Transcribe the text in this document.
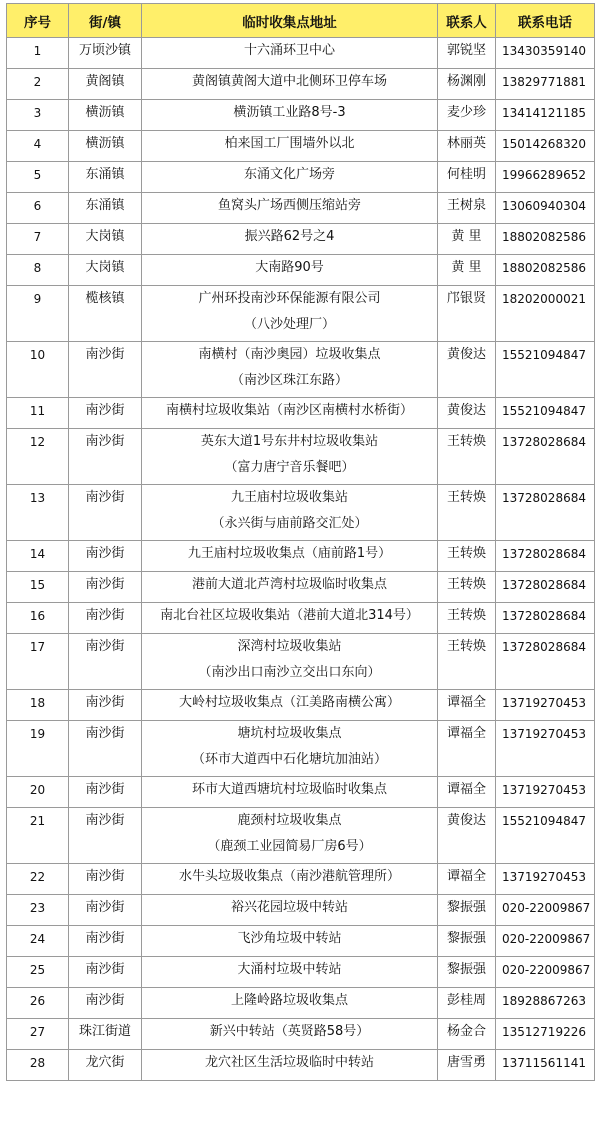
序号	街/镇	临时收集点地址	联系人	联系电话
1	万顷沙镇	十六涌环卫中心	郭锐坚	13430359140
2	黄阁镇	黄阁镇黄阁大道中北侧环卫停车场	杨渊刚	13829771881
3	横沥镇	横沥镇工业路8号-3	麦少珍	13414121185
4	横沥镇	柏来国工厂围墙外以北	林丽英	15014268320
5	东涌镇	东涌文化广场旁	何桂明	19966289652
6	东涌镇	鱼窝头广场西侧压缩站旁	王树泉	13060940304
7	大岗镇	振兴路62号之4	黄 里	18802082586
8	大岗镇	大南路90号	黄 里	18802082586
9	榄核镇	广州环投南沙环保能源有限公司
（八沙处理厂）	邝银贤	18202000021
10	南沙街	南横村（南沙奥园）垃圾收集点
（南沙区珠江东路）	黄俊达	15521094847
11	南沙街	南横村垃圾收集站（南沙区南横村水桥街）	黄俊达	15521094847
12	南沙街	英东大道1号东井村垃圾收集站
（富力唐宁音乐餐吧）	王转焕	13728028684
13	南沙街	九王庙村垃圾收集站
（永兴街与庙前路交汇处）	王转焕	13728028684
14	南沙街	九王庙村垃圾收集点（庙前路1号）	王转焕	13728028684
15	南沙街	港前大道北芦湾村垃圾临时收集点	王转焕	13728028684
16	南沙街	南北台社区垃圾收集站（港前大道北314号）	王转焕	13728028684
17	南沙街	深湾村垃圾收集站
（南沙出口南沙立交出口东向）	王转焕	13728028684
18	南沙街	大岭村垃圾收集点（江美路南横公寓）	谭福全	13719270453
19	南沙街	塘坑村垃圾收集点
（环市大道西中石化塘坑加油站）	谭福全	13719270453
20	南沙街	环市大道西塘坑村垃圾临时收集点	谭福全	13719270453
21	南沙街	鹿颈村垃圾收集点
（鹿颈工业园简易厂房6号）	黄俊达	15521094847
22	南沙街	水牛头垃圾收集点（南沙港航管理所）	谭福全	13719270453
23	南沙街	裕兴花园垃圾中转站	黎振强	020-22009867
24	南沙街	飞沙角垃圾中转站	黎振强	020-22009867
25	南沙街	大涌村垃圾中转站	黎振强	020-22009867
26	南沙街	上隆岭路垃圾收集点	彭桂周	18928867263
27	珠江街道	新兴中转站（英贤路58号）	杨金合	13512719226
28	龙穴街	龙穴社区生活垃圾临时中转站	唐雪勇	13711561141
